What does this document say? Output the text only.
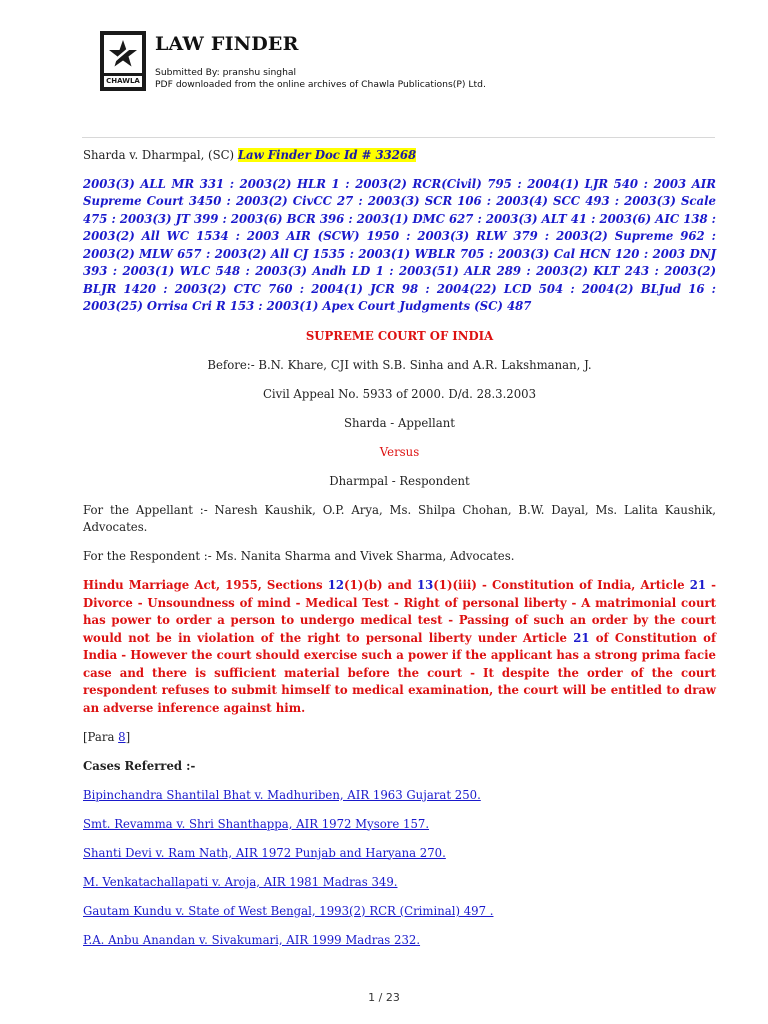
CHAWLA
LAW FINDER
Submitted By: pranshu singhal
PDF downloaded from the online archives of Chawla Publications(P) Ltd.

Sharda v. Dharmpal, (SC) Law Finder Doc Id # 33268

2003(3) ALL MR 331 : 2003(2) HLR 1 : 2003(2) RCR(Civil) 795 : 2004(1) LJR 540 : 2003 AIR Supreme Court 3450 : 2003(2) CivCC 27 : 2003(3) SCR 106 : 2003(4) SCC 493 : 2003(3) Scale 475 : 2003(3) JT 399 : 2003(6) BCR 396 : 2003(1) DMC 627 : 2003(3) ALT 41 : 2003(6) AIC 138 : 2003(2) All WC 1534 : 2003 AIR (SCW) 1950 : 2003(3) RLW 379 : 2003(2) Supreme 962 : 2003(2) MLW 657 : 2003(2) All CJ 1535 : 2003(1) WBLR 705 : 2003(3) Cal HCN 120 : 2003 DNJ 393 : 2003(1) WLC 548 : 2003(3) Andh LD 1 : 2003(51) ALR 289 : 2003(2) KLT 243 : 2003(2) BLJR 1420 : 2003(2) CTC 760 : 2004(1) JCR 98 : 2004(22) LCD 504 : 2004(2) BLJud 16 : 2003(25) Orrisa Cri R 153 : 2003(1) Apex Court Judgments (SC) 487

SUPREME COURT OF INDIA

Before:- B.N. Khare, CJI with S.B. Sinha and A.R. Lakshmanan, J.

Civil Appeal No. 5933 of 2000. D/d. 28.3.2003

Sharda - Appellant

Versus

Dharmpal - Respondent

For the Appellant :- Naresh Kaushik, O.P. Arya, Ms. Shilpa Chohan, B.W. Dayal, Ms. Lalita Kaushik, Advocates.

For the Respondent :- Ms. Nanita Sharma and Vivek Sharma, Advocates.

Hindu Marriage Act, 1955, Sections 12(1)(b) and 13(1)(iii) - Constitution of India, Article 21 - Divorce - Unsoundness of mind - Medical Test - Right of personal liberty - A matrimonial court has power to order a person to undergo medical test - Passing of such an order by the court would not be in violation of the right to personal liberty under Article 21 of Constitution of India - However the court should exercise such a power if the applicant has a strong prima facie case and there is sufficient material before the court - It despite the order of the court respondent refuses to submit himself to medical examination, the court will be entitled to draw an adverse inference against him.

[Para 8]

Cases Referred :-

Bipinchandra Shantilal Bhat v. Madhuriben, AIR 1963 Gujarat 250.

Smt. Revamma v. Shri Shanthappa, AIR 1972 Mysore 157.

Shanti Devi v. Ram Nath, AIR 1972 Punjab and Haryana 270.

M. Venkatachallapati v. Aroja, AIR 1981 Madras 349.

Gautam Kundu v. State of West Bengal, 1993(2) RCR (Criminal) 497 .

P.A. Anbu Anandan v. Sivakumari, AIR 1999 Madras 232.

1 / 23
